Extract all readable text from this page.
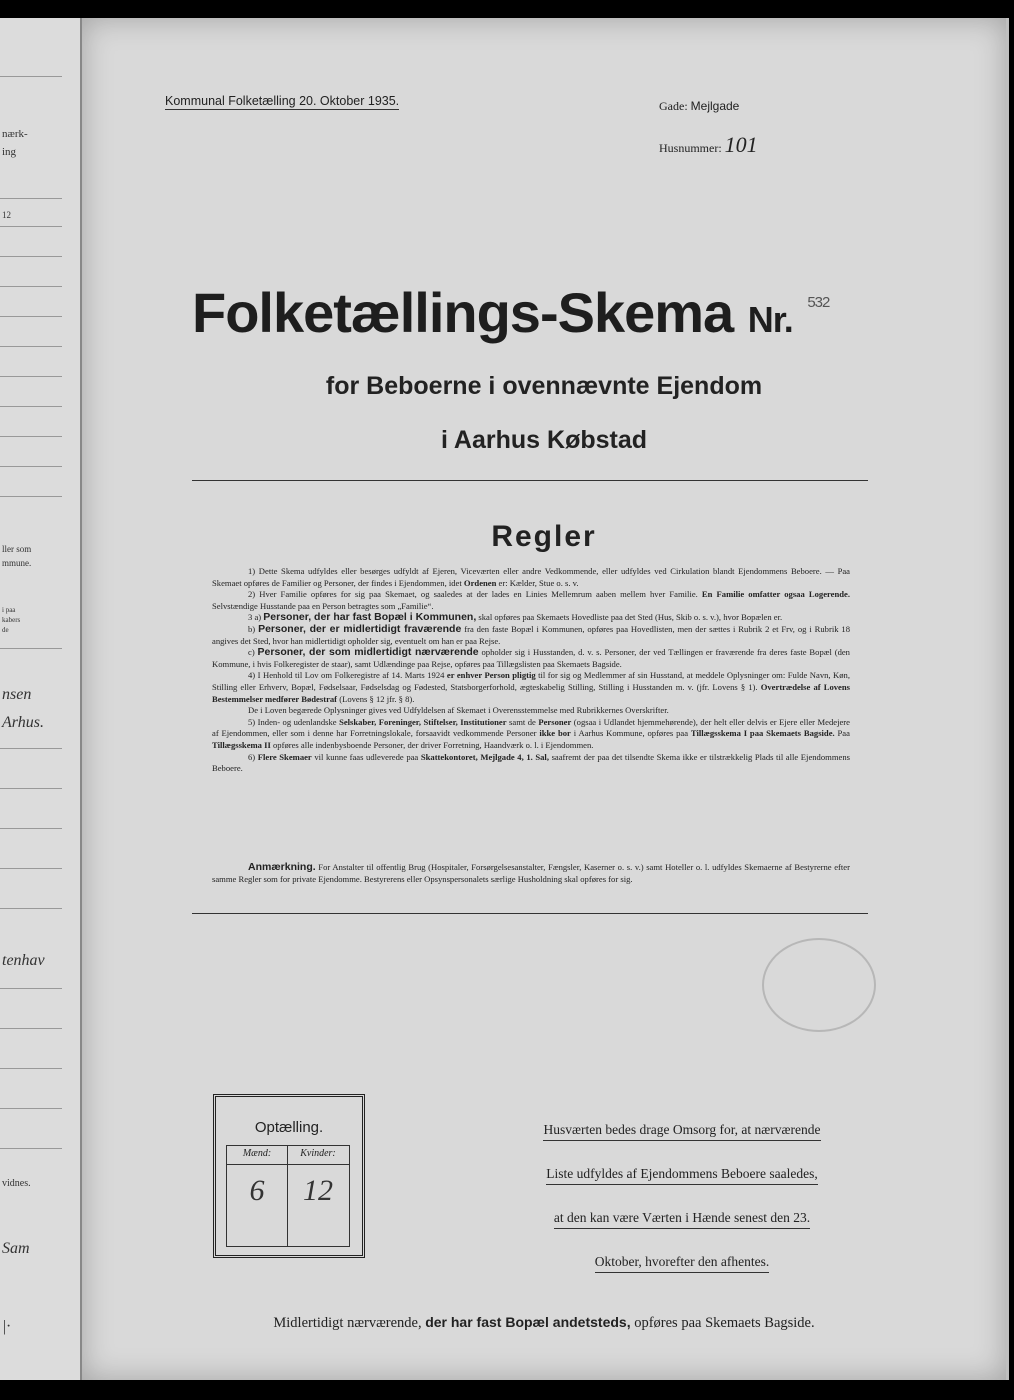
nærk-
ing
12
ller som
mmune.
i paa
kabers
de
nsen
Arhus.
tenhav
vidnes.
Sam
|·
Kommunal Folketælling 20. Oktober 1935.	Gade: Mejlgade
Husnummer: 101
Folketællings-Skema Nr. $^{532}$
for Beboerne i ovennævnte Ejendom
i Aarhus Købstad
Regler

1) Dette Skema udfyldes eller besørges udfyldt af Ejeren, Viceværten eller andre Vedkommende, eller udfyldes ved Cirkulation blandt Ejendommens Beboere. — Paa Skemaet opføres de Familier og Personer, der findes i Ejendommen, idet Ordenen er: Kælder, Stue o. s. v.

2) Hver Familie opføres for sig paa Skemaet, og saaledes at der lades en Linies Mellemrum aaben mellem hver Familie. En Familie omfatter ogsaa Logerende. Selvstændige Husstande paa en Person betragtes som „Familie“.

3 a) Personer, der har fast Bopæl i Kommunen, skal opføres paa Skemaets Hovedliste paa det Sted (Hus, Skib o. s. v.), hvor Bopælen er.

b) Personer, der er midlertidigt fraværende fra den faste Bopæl i Kommunen, opføres paa Hovedlisten, men der sættes i Rubrik 2 et Frv, og i Rubrik 18 angives det Sted, hvor han midlertidigt opholder sig, eventuelt om han er paa Rejse.

c) Personer, der som midlertidigt nærværende opholder sig i Husstanden, d. v. s. Personer, der ved Tællingen er fraværende fra deres faste Bopæl (den Kommune, i hvis Folkeregister de staar), samt Udlændinge paa Rejse, opføres paa Tillægslisten paa Skemaets Bagside.

4) I Henhold til Lov om Folkeregistre af 14. Marts 1924 er enhver Person pligtig til for sig og Medlemmer af sin Husstand, at meddele Oplysninger om: Fulde Navn, Køn, Stilling eller Erhverv, Bopæl, Fødselsaar, Fødselsdag og Fødested, Statsborgerforhold, ægteskabelig Stilling, Stilling i Husstanden m. v. (jfr. Lovens § 1). Overtrædelse af Lovens Bestemmelser medfører Bødestraf (Lovens § 12 jfr. § 8).

De i Loven begærede Oplysninger gives ved Udfyldelsen af Skemaet i Overensstemmelse med Rubrikkernes Overskrifter.

5) Inden- og udenlandske Selskaber, Foreninger, Stiftelser, Institutioner samt de Personer (ogsaa i Udlandet hjemmehørende), der helt eller delvis er Ejere eller Medejere af Ejendommen, eller som i denne har Forretningslokale, forsaavidt vedkommende Personer ikke bor i Aarhus Kommune, opføres paa Tillægsskema I paa Skemaets Bagside. Paa Tillægsskema II opføres alle indenbysboende Personer, der driver Forretning, Haandværk o. l. i Ejendommen.

6) Flere Skemaer vil kunne faas udleverede paa Skattekontoret, Mejlgade 4, 1. Sal, saafremt der paa det tilsendte Skema ikke er tilstrækkelig Plads til alle Ejendommens Beboere.

Anmærkning. For Anstalter til offentlig Brug (Hospitaler, Forsørgelsesanstalter, Fængsler, Kaserner o. s. v.) samt Hoteller o. l. udfyldes Skemaerne af Bestyrerne efter samme Regler som for private Ejendomme. Bestyrerens eller Opsynspersonalets særlige Husholdning skal opføres for sig.

Optælling.
Mænd:	Kvinder:
6	12
Husværten bedes drage Omsorg for, at nærværende Liste udfyldes af Ejendommens Beboere saaledes, at den kan være Værten i Hænde senest den 23. Oktober, hvorefter den afhentes.
Midlertidigt nærværende, der har fast Bopæl andetsteds, opføres paa Skemaets Bagside.
